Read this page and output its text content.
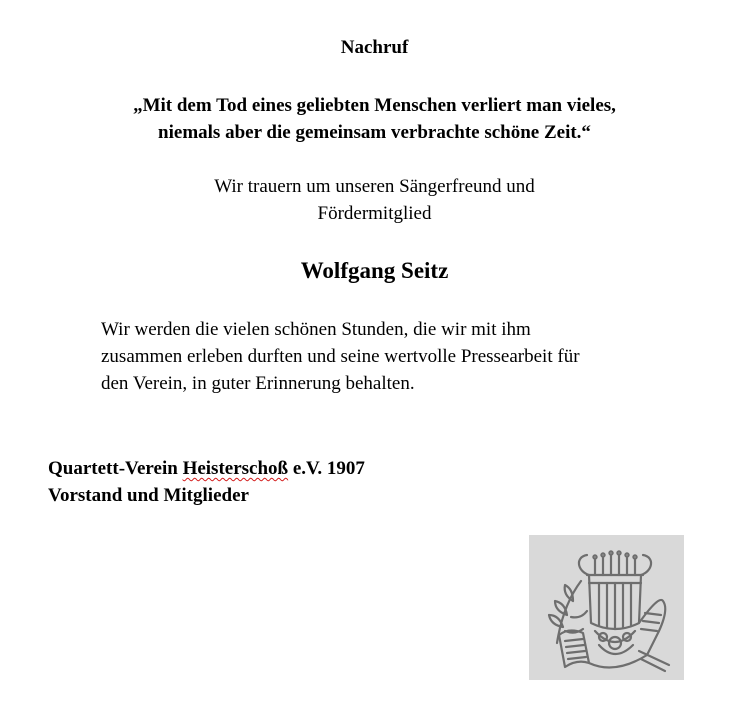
Nachruf
„Mit dem Tod eines geliebten Menschen verliert man vieles,
niemals aber die gemeinsam verbrachte schöne Zeit.“
Wir trauern um unseren Sängerfreund und
Fördermitglied
Wolfgang Seitz
Wir werden die vielen schönen Stunden, die wir mit ihm
zusammen erleben durften und seine wertvolle Pressearbeit für
den Verein, in guter Erinnerung behalten.
Quartett-Verein Heisterschoß e.V. 1907
Vorstand und Mitglieder
